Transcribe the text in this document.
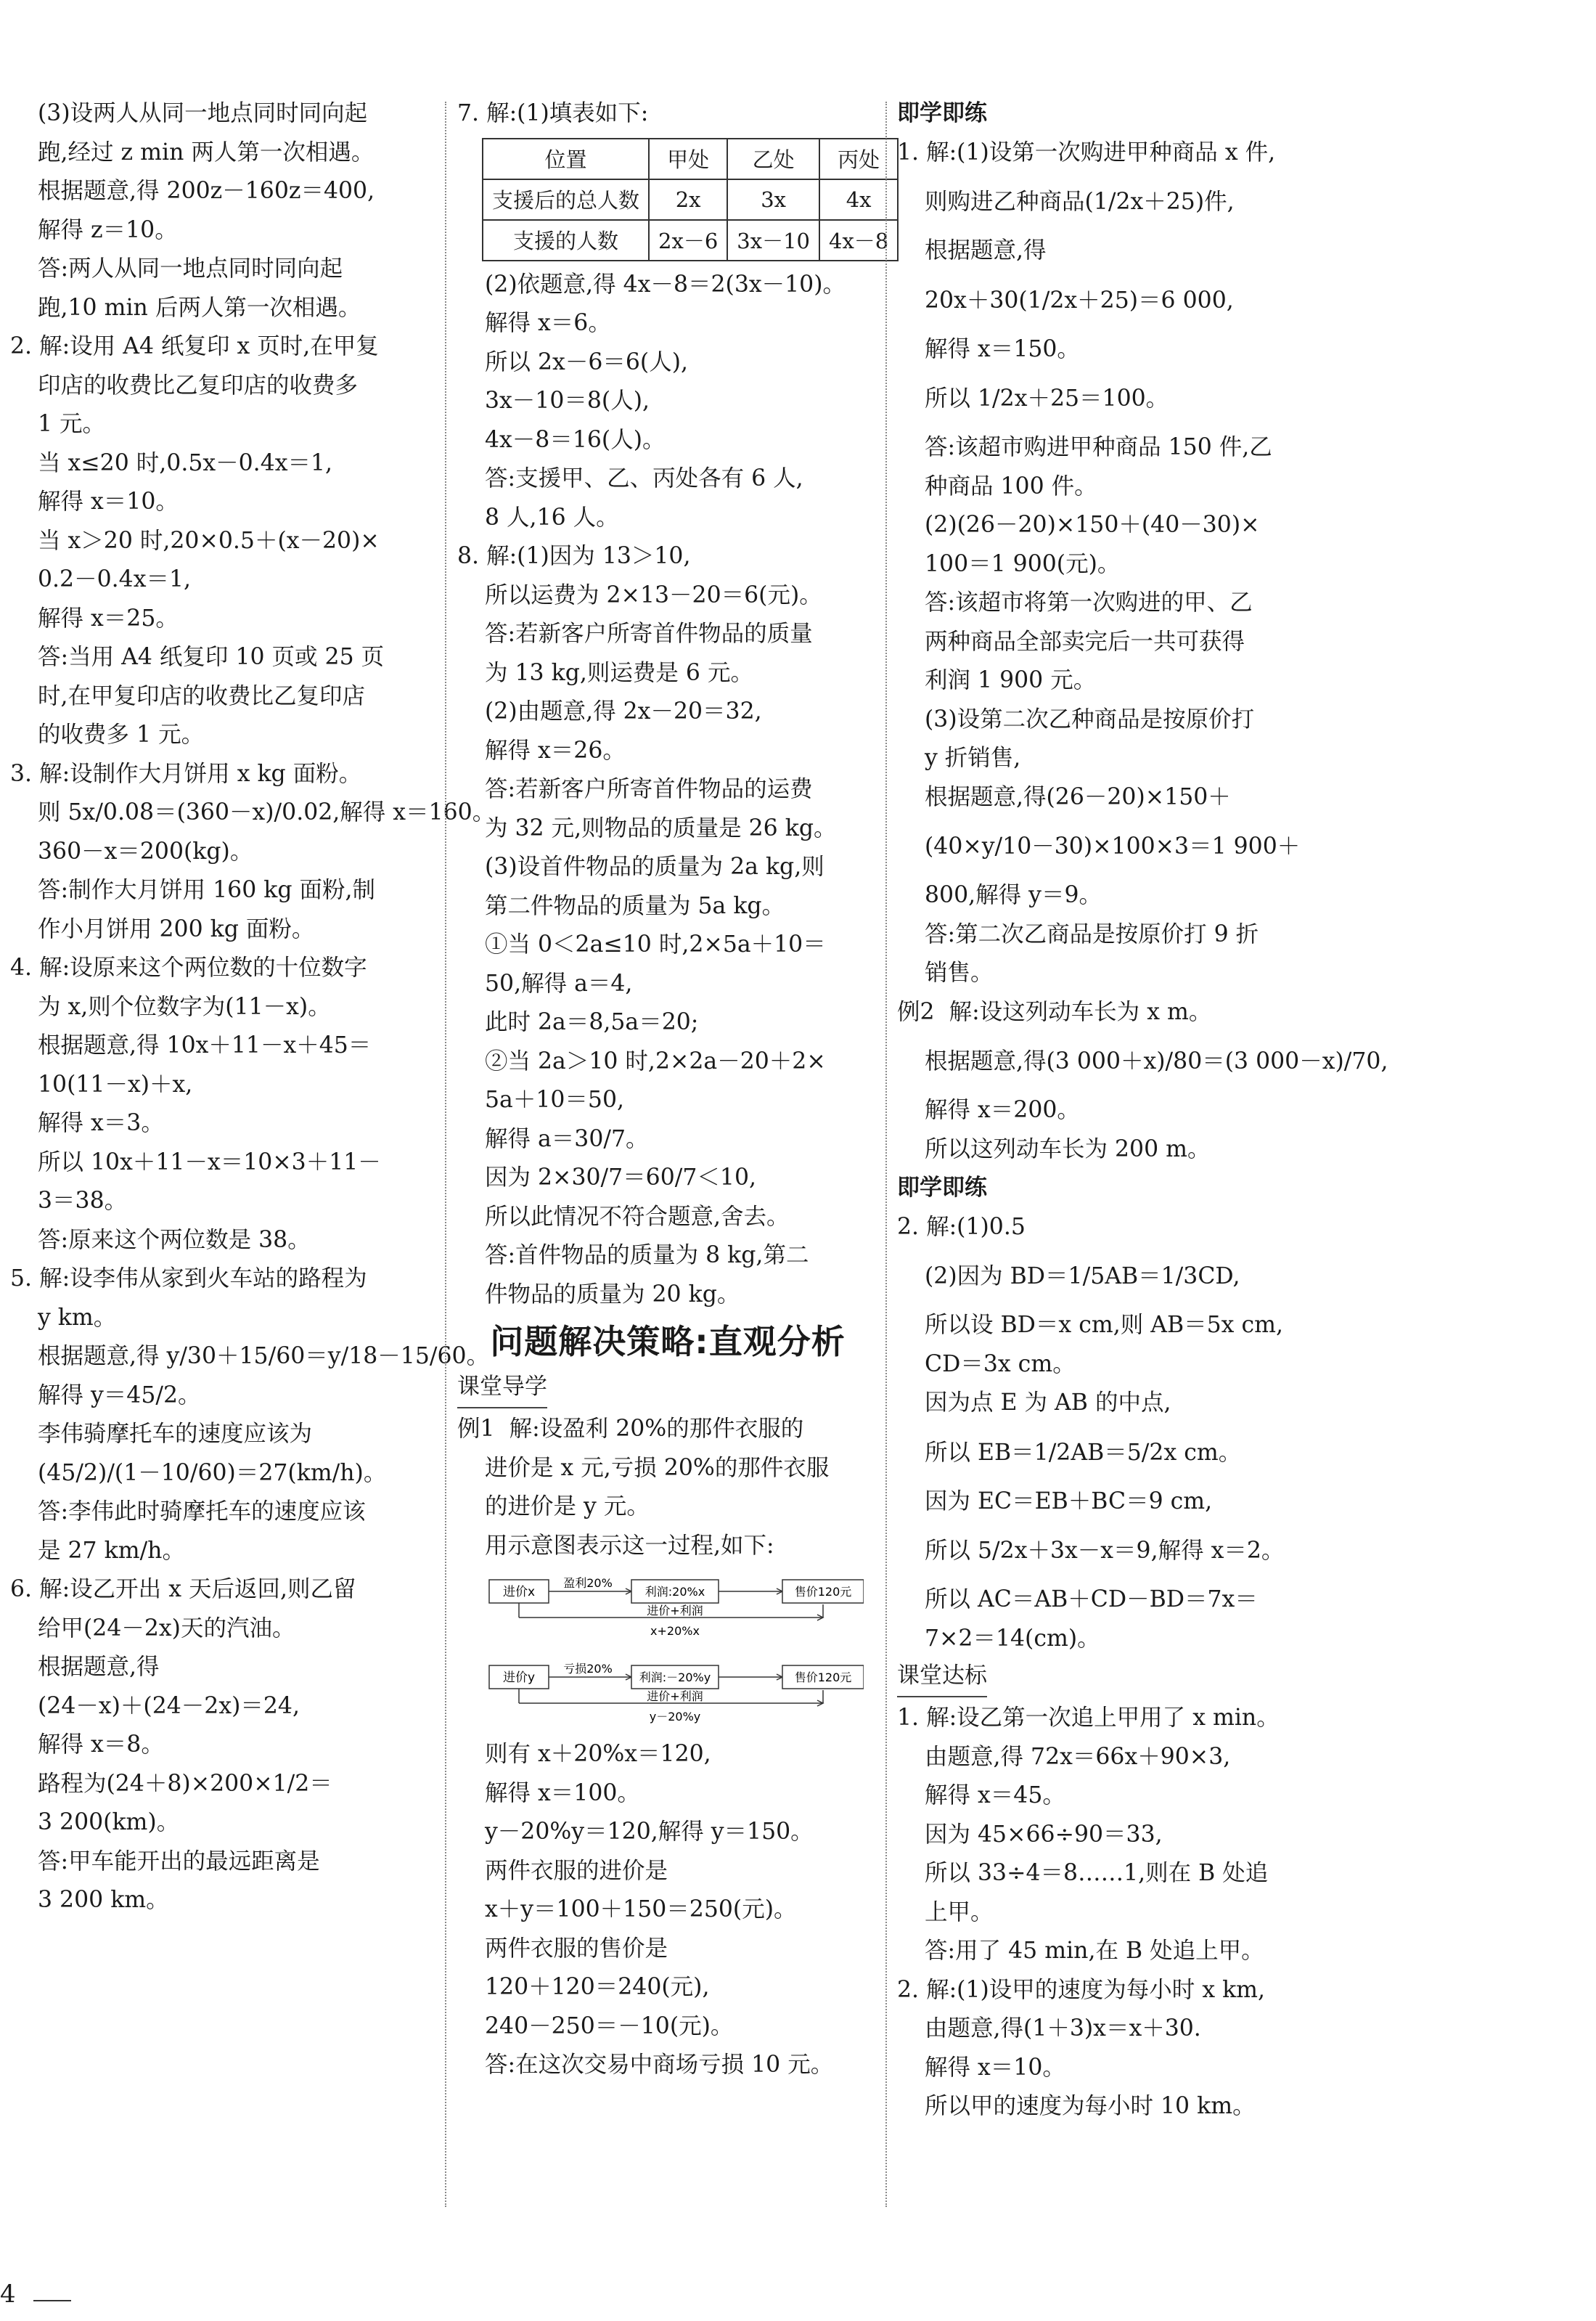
(3)设两人从同一地点同时同向起
跑,经过 z min 两人第一次相遇。
根据题意,得 200z－160z＝400,
解得 z＝10。
答:两人从同一地点同时同向起
跑,10 min 后两人第一次相遇。
2. 解:设用 A4 纸复印 x 页时,在甲复
印店的收费比乙复印店的收费多
1 元。
当 x≤20 时,0.5x－0.4x＝1,
解得 x＝10。
当 x＞20 时,20×0.5＋(x－20)×
0.2－0.4x＝1,
解得 x＝25。
答:当用 A4 纸复印 10 页或 25 页
时,在甲复印店的收费比乙复印店
的收费多 1 元。
3. 解:设制作大月饼用 x kg 面粉。
则 5x/0.08＝(360－x)/0.02,解得 x＝160。
360－x＝200(kg)。
答:制作大月饼用 160 kg 面粉,制
作小月饼用 200 kg 面粉。
4. 解:设原来这个两位数的十位数字
为 x,则个位数字为(11－x)。
根据题意,得 10x＋11－x＋45＝
10(11－x)＋x,
解得 x＝3。
所以 10x＋11－x＝10×3＋11－
3＝38。
答:原来这个两位数是 38。
5. 解:设李伟从家到火车站的路程为
y km。
根据题意,得 y/30＋15/60＝y/18－15/60。
解得 y＝45/2。
李伟骑摩托车的速度应该为
(45/2)/(1－10/60)＝27(km/h)。
答:李伟此时骑摩托车的速度应该
是 27 km/h。
6. 解:设乙开出 x 天后返回,则乙留
给甲(24－2x)天的汽油。
根据题意,得
(24－x)＋(24－2x)＝24,
解得 x＝8。
路程为(24＋8)×200×1/2＝
3 200(km)。
答:甲车能开出的最远距离是
3 200 km。
7. 解:(1)填表如下:
位置	甲处	乙处	丙处
支援后的总人数	2x	3x	4x
支援的人数	2x－6	3x－10	4x－8
(2)依题意,得 4x－8＝2(3x－10)。
解得 x＝6。
所以 2x－6＝6(人),
3x－10＝8(人),
4x－8＝16(人)。
答:支援甲、乙、丙处各有 6 人,
8 人,16 人。
8. 解:(1)因为 13＞10,
所以运费为 2×13－20＝6(元)。
答:若新客户所寄首件物品的质量
为 13 kg,则运费是 6 元。
(2)由题意,得 2x－20＝32,
解得 x＝26。
答:若新客户所寄首件物品的运费
为 32 元,则物品的质量是 26 kg。
(3)设首件物品的质量为 2a kg,则
第二件物品的质量为 5a kg。
①当 0＜2a≤10 时,2×5a＋10＝
50,解得 a＝4,
此时 2a＝8,5a＝20;
②当 2a＞10 时,2×2a－20＋2×
5a＋10＝50,
解得 a＝30/7。
因为 2×30/7＝60/7＜10,
所以此情况不符合题意,舍去。
答:首件物品的质量为 8 kg,第二
件物品的质量为 20 kg。
问题解决策略:直观分析
课堂导学
例1  解:设盈利 20%的那件衣服的
进价是 x 元,亏损 20%的那件衣服
的进价是 y 元。
用示意图表示这一过程,如下:
进价x
盈利20%
利润:20%x	售价120元
进价+利润
x+20%x
进价y
亏损20%
利润:－20%y	售价120元
进价+利润
y－20%y
则有 x＋20%x＝120,
解得 x＝100。
y－20%y＝120,解得 y＝150。
两件衣服的进价是
x＋y＝100＋150＝250(元)。
两件衣服的售价是
120＋120＝240(元),
240－250＝－10(元)。
答:在这次交易中商场亏损 10 元。
即学即练
1. 解:(1)设第一次购进甲种商品 x 件,
则购进乙种商品(1/2x＋25)件,
根据题意,得
20x＋30(1/2x＋25)＝6 000,
解得 x＝150。
所以 1/2x＋25＝100。
答:该超市购进甲种商品 150 件,乙
种商品 100 件。
(2)(26－20)×150＋(40－30)×
100＝1 900(元)。
答:该超市将第一次购进的甲、乙
两种商品全部卖完后一共可获得
利润 1 900 元。
(3)设第二次乙种商品是按原价打
y 折销售,
根据题意,得(26－20)×150＋
(40×y/10－30)×100×3＝1 900＋
800,解得 y＝9。
答:第二次乙商品是按原价打 9 折
销售。
例2  解:设这列动车长为 x m。
根据题意,得(3 000＋x)/80＝(3 000－x)/70,
解得 x＝200。
所以这列动车长为 200 m。
即学即练
2. 解:(1)0.5
(2)因为 BD＝1/5AB＝1/3CD,
所以设 BD＝x cm,则 AB＝5x cm,
CD＝3x cm。
因为点 E 为 AB 的中点,
所以 EB＝1/2AB＝5/2x cm。
因为 EC＝EB＋BC＝9 cm,
所以 5/2x＋3x－x＝9,解得 x＝2。
所以 AC＝AB＋CD－BD＝7x＝
7×2＝14(cm)。
课堂达标
1. 解:设乙第一次追上甲用了 x min。
由题意,得 72x＝66x＋90×3,
解得 x＝45。
因为 45×66÷90＝33,
所以 33÷4＝8……1,则在 B 处追
上甲。
答:用了 45 min,在 B 处追上甲。
2. 解:(1)设甲的速度为每小时 x km,
由题意,得(1＋3)x＝x＋30.
解得 x＝10。
所以甲的速度为每小时 10 km。
4
